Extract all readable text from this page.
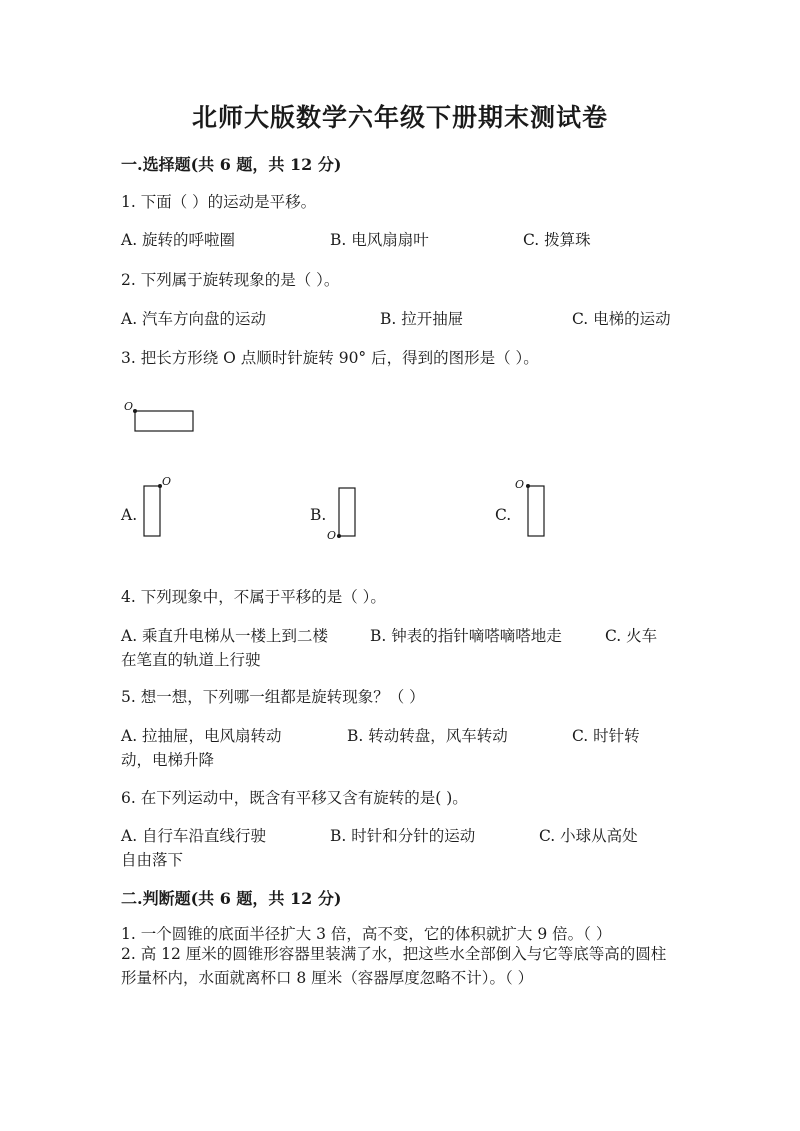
北师大版数学六年级下册期末测试卷
一.选择题(共 6 题，共 12 分)
1. 下面（ ）的运动是平移。
A. 旋转的呼啦圈	B. 电风扇扇叶	C. 拨算珠
2. 下列属于旋转现象的是（ ）。
A. 汽车方向盘的运动	B. 拉开抽屉	C. 电梯的运动
3. 把长方形绕 O 点顺时针旋转 90° 后，得到的图形是（ ）。
O
A.
O
B.
O
C.
O
4. 下列现象中，不属于平移的是（ ）。
A. 乘直升电梯从一楼上到二楼	B. 钟表的指针嘀嗒嘀嗒地走	C. 火车
在笔直的轨道上行驶
5. 想一想，下列哪一组都是旋转现象？（ ）
A. 拉抽屉，电风扇转动	B. 转动转盘，风车转动	C. 时针转
动，电梯升降
6. 在下列运动中，既含有平移又含有旋转的是( )。
A. 自行车沿直线行驶	B. 时针和分针的运动	C. 小球从高处
自由落下
二.判断题(共 6 题，共 12 分)
1. 一个圆锥的底面半径扩大 3 倍，高不变，它的体积就扩大 9 倍。（ ）
2. 高 12 厘米的圆锥形容器里装满了水，把这些水全部倒入与它等底等高的圆柱形量杯内，水面就离杯口 8 厘米（容器厚度忽略不计）。（ ）
